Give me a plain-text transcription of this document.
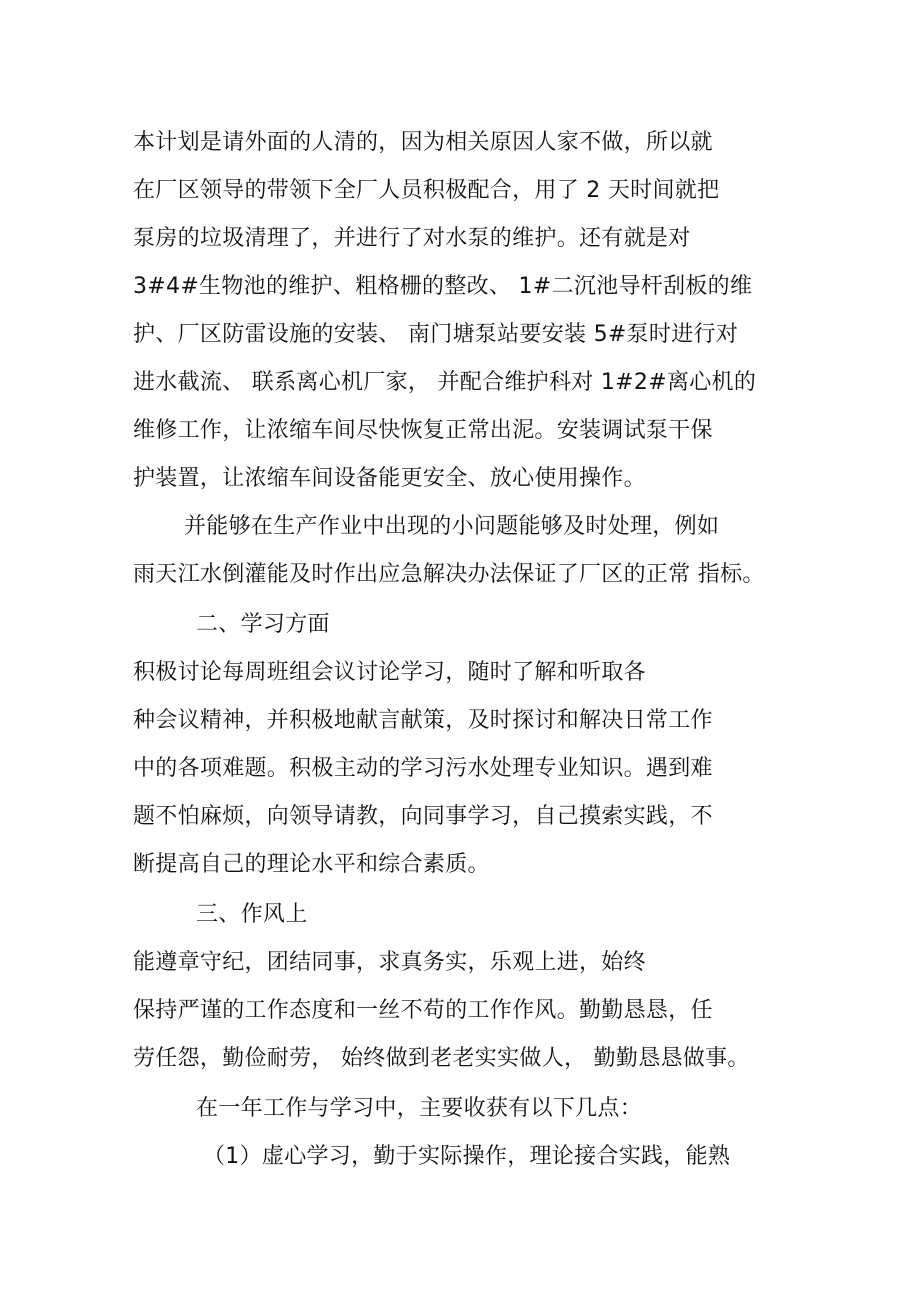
本计划是请外面的人清的，因为相关原因人家不做，所以就
在厂区领导的带领下全厂人员积极配合，用了 2 天时间就把
泵房的垃圾清理了，并进行了对水泵的维护。还有就是对
3#4#生物池的维护、粗格栅的整改、 1#二沉池导杆刮板的维
护、厂区防雷设施的安装、 南门塘泵站要安装 5#泵时进行对
进水截流、 联系离心机厂家， 并配合维护科对 1#2#离心机的
维修工作，让浓缩车间尽快恢复正常出泥。安装调试泵干保
护装置，让浓缩车间设备能更安全、放心使用操作。
并能够在生产作业中出现的小问题能够及时处理，例如
雨天江水倒灌能及时作出应急解决办法保证了厂区的正常 指标。
二、学习方面
积极讨论每周班组会议讨论学习，随时了解和听取各
种会议精神，并积极地献言献策，及时探讨和解决日常工作
中的各项难题。积极主动的学习污水处理专业知识。遇到难
题不怕麻烦，向领导请教，向同事学习，自己摸索实践，不
断提高自己的理论水平和综合素质。
三、作风上
能遵章守纪，团结同事，求真务实，乐观上进，始终
保持严谨的工作态度和一丝不苟的工作作风。勤勤恳恳，任
劳任怨，勤俭耐劳， 始终做到老老实实做人， 勤勤恳恳做事。
在一年工作与学习中，主要收获有以下几点：
（1）虚心学习，勤于实际操作，理论接合实践，能熟
